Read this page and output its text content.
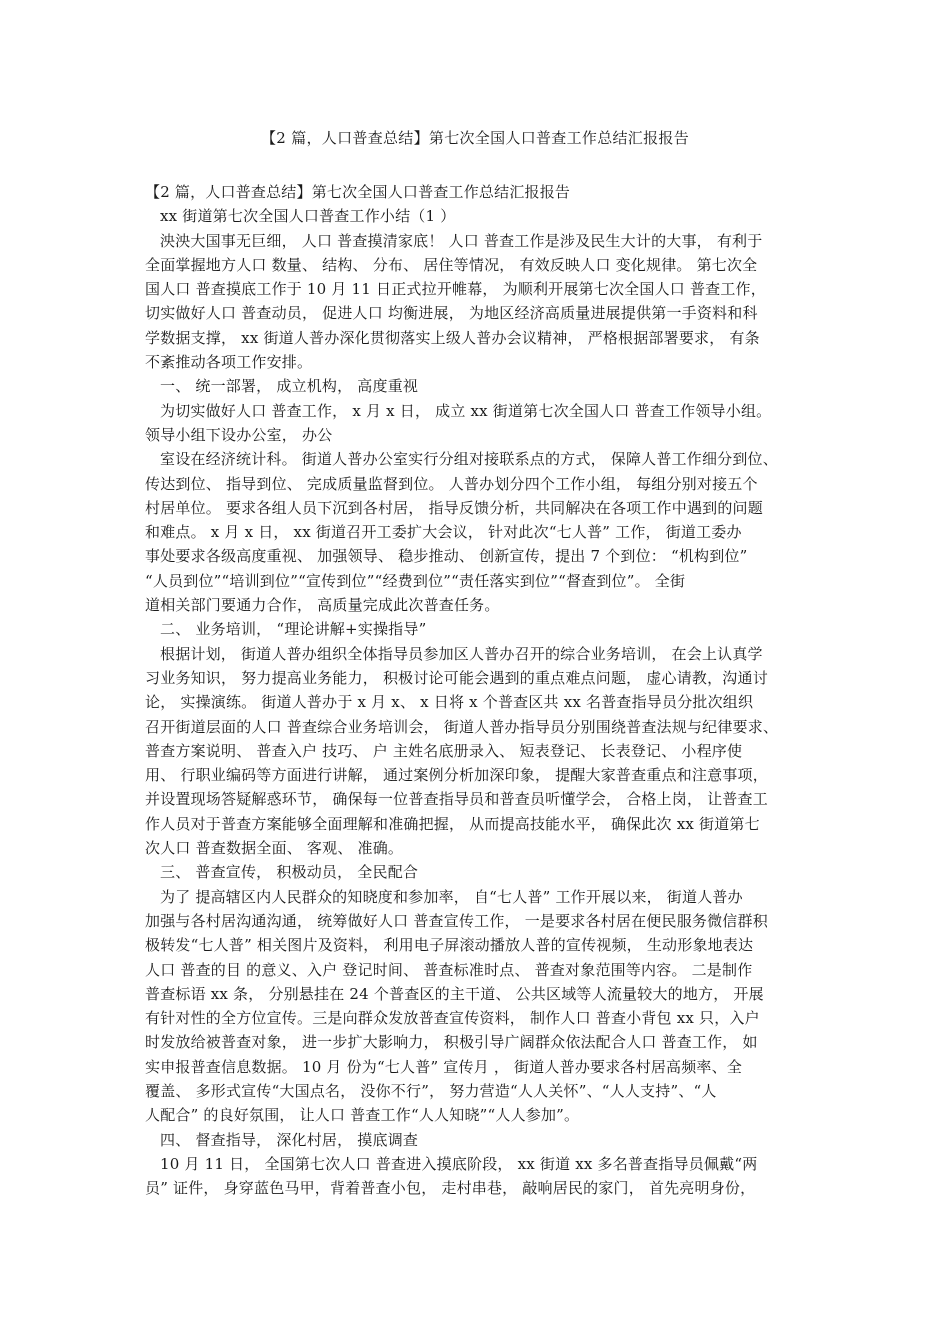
【2 篇，人口普查总结】第七次全国人口普查工作总结汇报报告
【2 篇，人口普查总结】第七次全国人口普查工作总结汇报报告
xx 街道第七次全国人口普查工作小结（1 ）
泱泱大国事无巨细， 人口 普查摸清家底！ 人口 普查工作是涉及民生大计的大事， 有利于
全面掌握地方人口 数量、 结构、 分布、 居住等情况， 有效反映人口 变化规律。 第七次全
国人口 普查摸底工作于 10 月 11 日正式拉开帷幕， 为顺利开展第七次全国人口 普查工作，
切实做好人口 普查动员， 促进人口 均衡进展， 为地区经济高质量进展提供第一手资料和科
学数据支撑， xx 街道人普办深化贯彻落实上级人普办会议精神， 严格根据部署要求， 有条
不紊推动各项工作安排。
一、 统一部署， 成立机构， 高度重视
为切实做好人口 普查工作， x 月 x 日， 成立 xx 街道第七次全国人口 普查工作领导小组。
领导小组下设办公室， 办公
室设在经济统计科。 街道人普办公室实行分组对接联系点的方式， 保障人普工作细分到位、
传达到位、 指导到位、 完成质量监督到位。 人普办划分四个工作小组， 每组分别对接五个
村居单位。 要求各组人员下沉到各村居， 指导反馈分析，共同解决在各项工作中遇到的问题
和难点。 x 月 x 日， xx 街道召开工委扩大会议， 针对此次“七人普” 工作， 街道工委办
事处要求各级高度重视、 加强领导、 稳步推动、 创新宣传，提出 7 个到位： “机构到位”
“人员到位”“培训到位”“宣传到位”“经费到位”“责任落实到位”“督查到位”。 全街
道相关部门要通力合作， 高质量完成此次普查任务。
二、 业务培训， “理论讲解+实操指导”
根据计划， 街道人普办组织全体指导员参加区人普办召开的综合业务培训， 在会上认真学
习业务知识， 努力提高业务能力， 积极讨论可能会遇到的重点难点问题， 虚心请教，沟通讨
论， 实操演练。 街道人普办于 x 月 x、 x 日将 x 个普查区共 xx 名普查指导员分批次组织
召开街道层面的人口 普查综合业务培训会， 街道人普办指导员分别围绕普查法规与纪律要求、
普查方案说明、 普查入户 技巧、 户 主姓名底册录入、 短表登记、 长表登记、 小程序使
用、 行职业编码等方面进行讲解， 通过案例分析加深印象， 提醒大家普查重点和注意事项，
并设置现场答疑解惑环节， 确保每一位普查指导员和普查员听懂学会， 合格上岗， 让普查工
作人员对于普查方案能够全面理解和准确把握， 从而提高技能水平， 确保此次 xx 街道第七
次人口 普查数据全面、 客观、 准确。
三、 普查宣传， 积极动员， 全民配合
为了 提高辖区内人民群众的知晓度和参加率， 自“七人普” 工作开展以来， 街道人普办
加强与各村居沟通沟通， 统筹做好人口 普查宣传工作， 一是要求各村居在便民服务微信群积
极转发“七人普” 相关图片及资料， 利用电子屏滚动播放人普的宣传视频， 生动形象地表达
人口 普查的目 的意义、入户 登记时间、 普查标准时点、 普查对象范围等内容。 二是制作
普查标语 xx 条， 分别悬挂在 24 个普查区的主干道、 公共区域等人流量较大的地方， 开展
有针对性的全方位宣传。三是向群众发放普查宣传资料， 制作人口 普查小背包 xx 只，入户
时发放给被普查对象， 进一步扩大影响力， 积极引导广阔群众依法配合人口 普查工作， 如
实申报普查信息数据。 10 月 份为“七人普” 宣传月 ， 街道人普办要求各村居高频率、全
覆盖、 多形式宣传“大国点名， 没你不行”， 努力营造“人人关怀”、“人人支持”、“人
人配合” 的良好氛围， 让人口 普查工作“人人知晓”“人人参加”。
四、 督查指导， 深化村居， 摸底调查
10 月 11 日， 全国第七次人口 普查进入摸底阶段， xx 街道 xx 多名普查指导员佩戴“两
员” 证件， 身穿蓝色马甲，背着普查小包， 走村串巷， 敲响居民的家门， 首先亮明身份，
